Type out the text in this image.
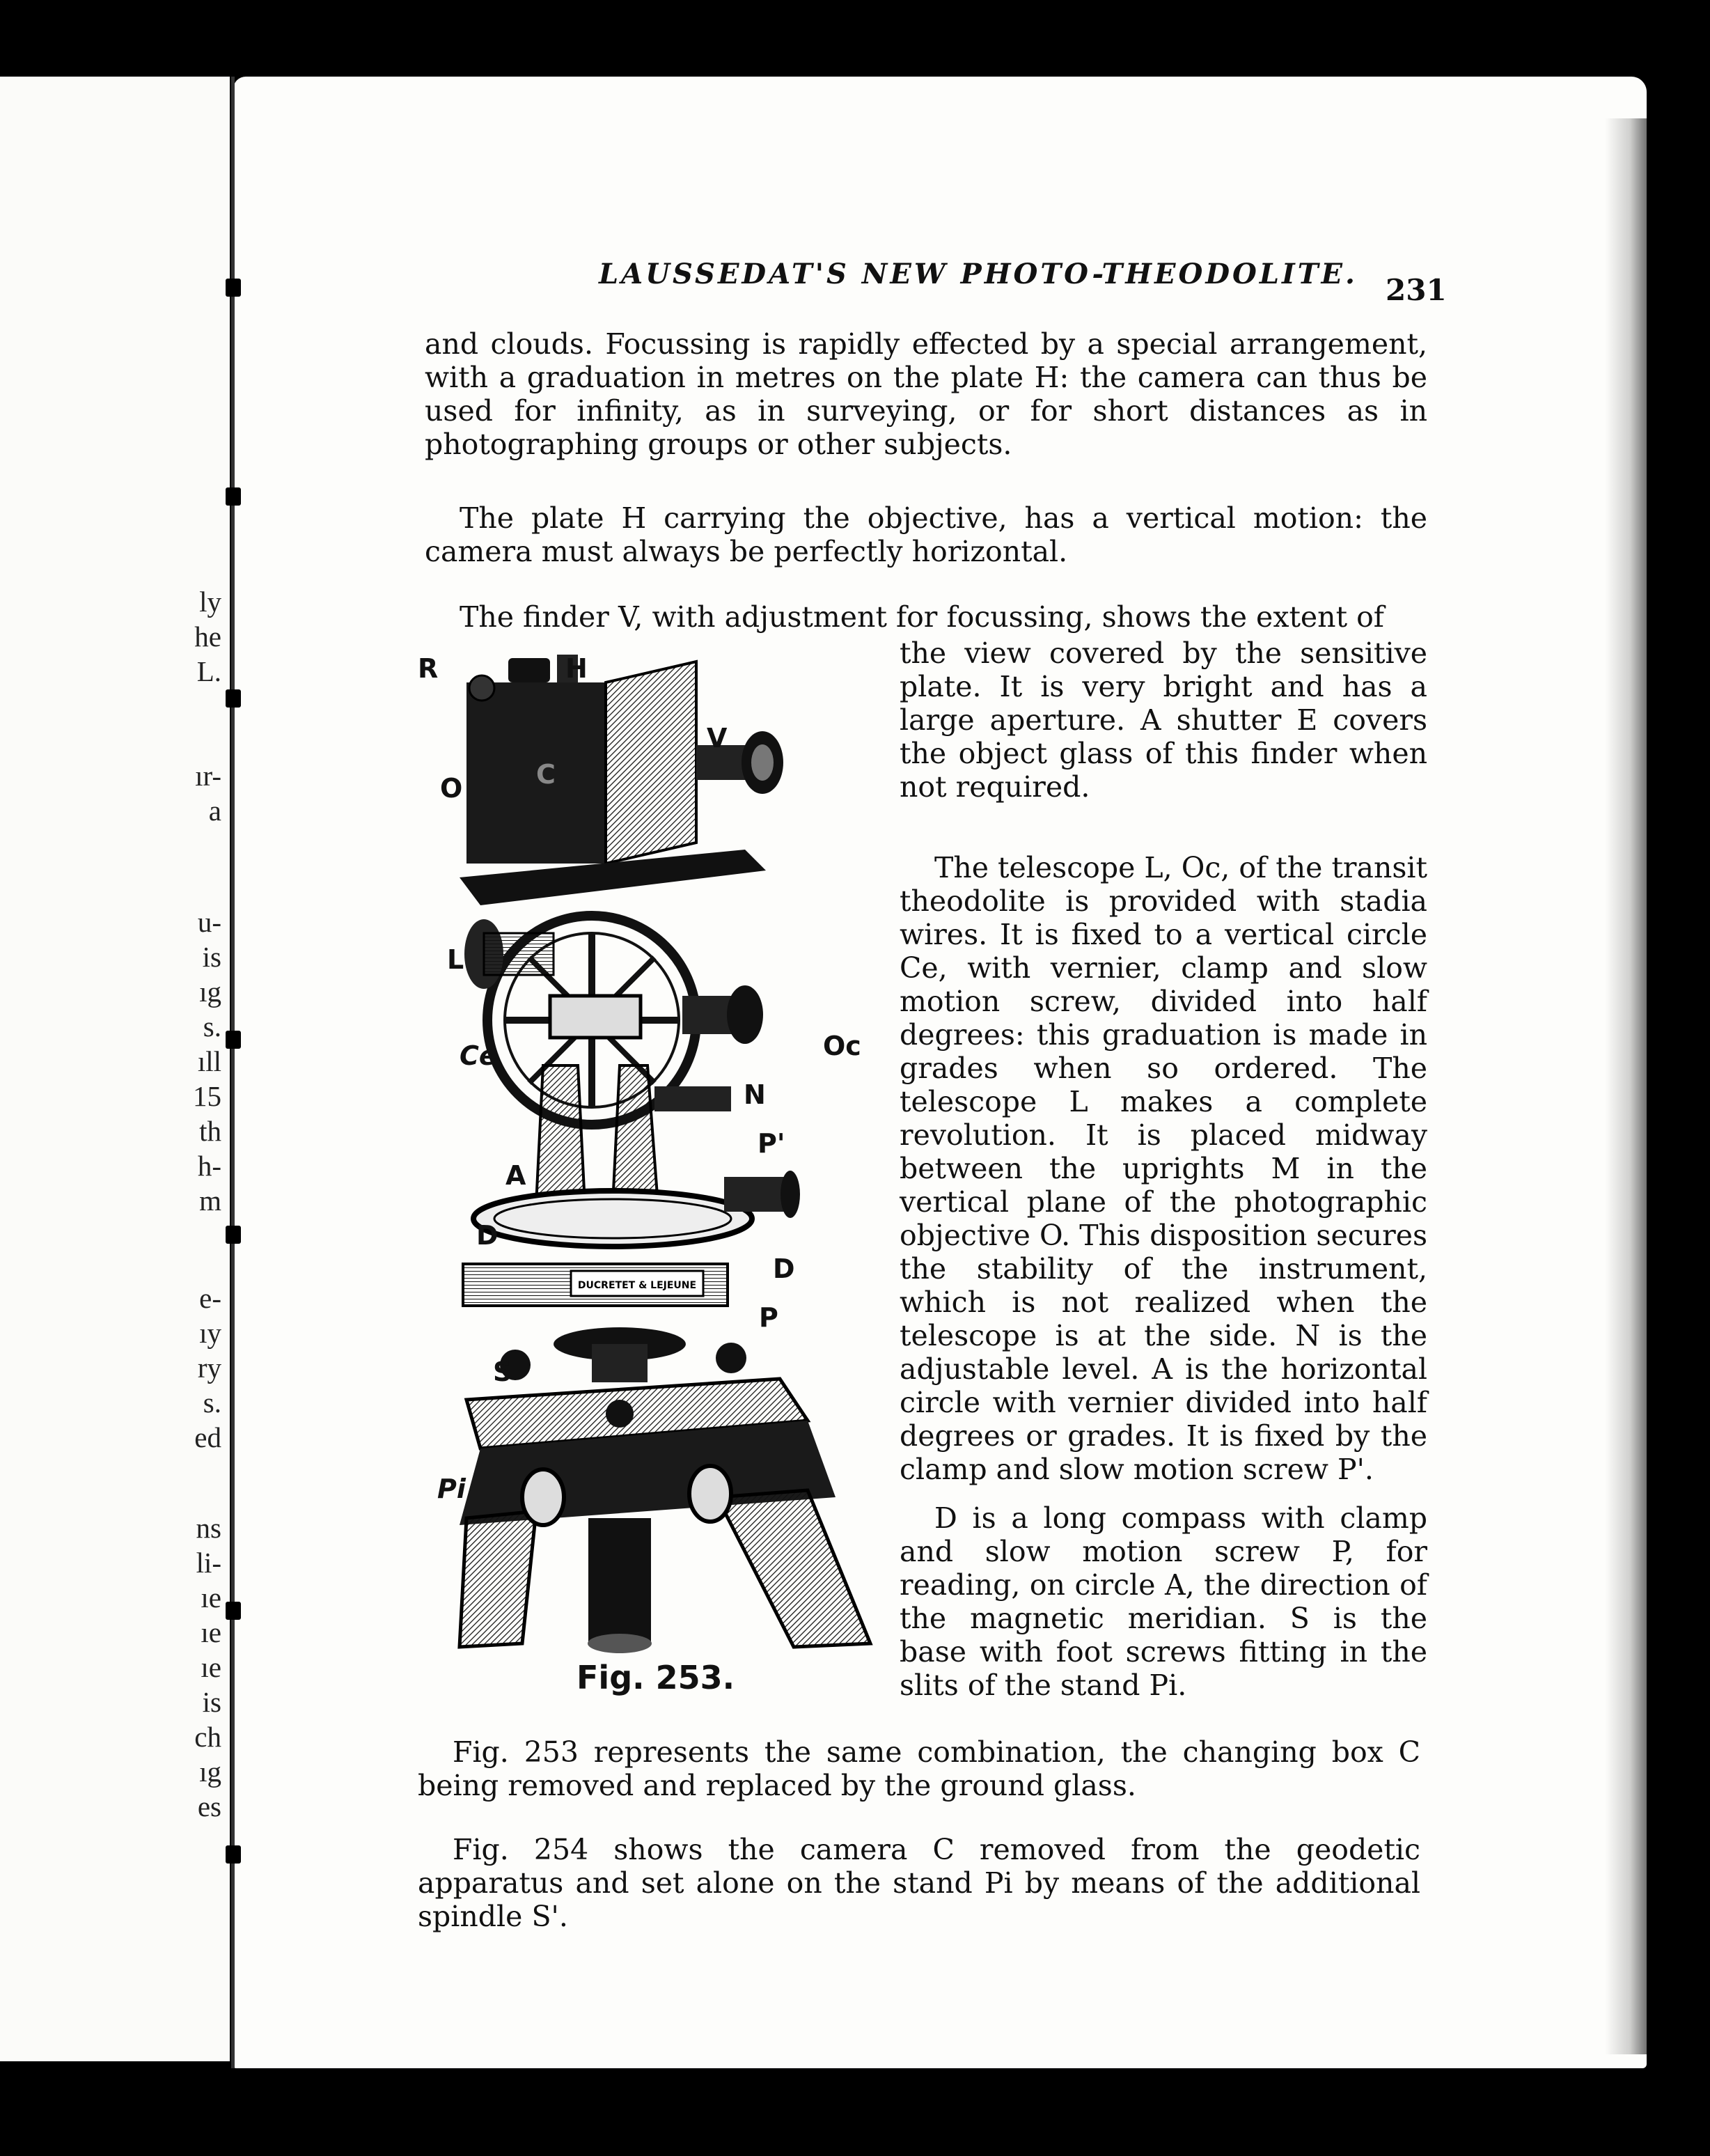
ly
he
L.
ır-
a
u-
is
ıg
s.
ıll
15
th
h-
m
e-
ıy
ry
s.
ed
ns
li-
ıe
ıe
ıe
is
ch
ıg
es
LAUSSEDAT'S NEW PHOTO-THEODOLITE. 231
and clouds. Focussing is rapidly effected by a special arrangement, with a graduation in metres on the plate H: the camera can thus be used for infinity, as in surveying, or for short distances as in photographing groups or other subjects.
The plate H carrying the objective, has a vertical motion: the camera must always be perfectly horizontal.
The finder V, with adjustment for focussing, shows the extent of
the view covered by the sensitive plate. It is very bright and has a large aperture. A shutter E covers the object glass of this finder when not required.
The telescope L, Oc, of the transit theodolite is provided with stadia wires. It is fixed to a vertical circle Ce, with vernier, clamp and slow motion screw, divided into half degrees: this graduation is made in grades when so ordered. The telescope L makes a complete revolution. It is placed midway between the uprights M in the vertical plane of the photographic objective O. This disposition secures the stability of the instrument, which is not realized when the telescope is at the side. N is the adjustable level. A is the horizontal circle with vernier divided into half degrees or grades. It is fixed by the clamp and slow motion screw P'.
D is a long compass with clamp and slow motion screw P, for reading, on circle A, the direction of the magnetic meridian. S is the base with foot screws fitting in the slits of the stand Pi.
Fig. 253 represents the same combination, the changing box C being removed and replaced by the ground glass.
Fig. 254 shows the camera C removed from the geodetic apparatus and set alone on the stand Pi by means of the additional spindle S'.
DUCRETET & LEJEUNE
R	H
V
O	C
L
Ce	Oc
N
P'
A
D
D
P
S
Pi
Fig. 253.
